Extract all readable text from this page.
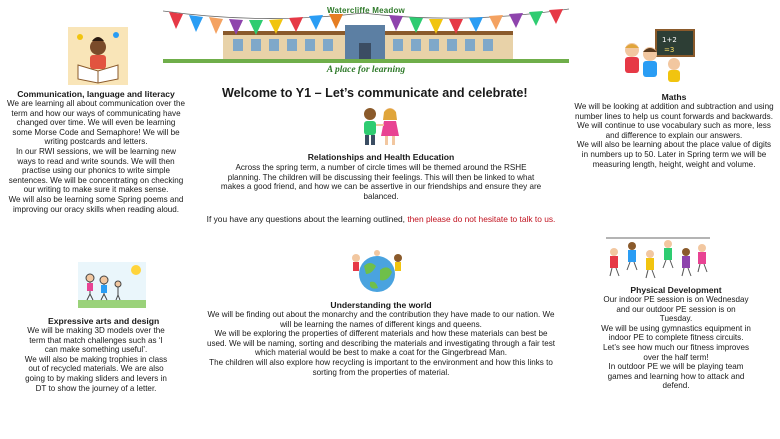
Watercliffe Meadow
A place for learning
Welcome to Y1 – Let’s communicate and celebrate!
Communication, language and literacy

We are learning all about communication over the term and how our ways of communicating have changed over time. We will even be learning some Morse Code and Semaphore! We will be writing postcards and letters.

In our RWI sessions, we will be learning new ways to read and write sounds. We will then practise using our phonics to write simple sentences. We will be concentrating on checking our writing to make sure it makes sense.

We will also be learning some Spring poems and improving our oracy skills when reading aloud.

Relationships and Health Education
Across the spring term, a number of circle times will be themed around the RSHE planning. The children will be discussing their feelings. This will then be linked to what makes a good friend, and how we can be assertive in our friendships and ensure they are balanced.
If you have any questions about the learning outlined, then please do not hesitate to talk to us.
1+2
=3
Maths

We will be looking at addition and subtraction and using number lines to help us count forwards and backwards. We will continue to use vocabulary such as more, less and difference to explain our answers.

We will also be learning about the place value of digits in numbers up to 50. Later in Spring term we will be measuring length, height, weight and volume.

Expressive arts and design

We will be making 3D models over the term that match challenges such as ‘I can make something useful’.

We will also be making trophies in class out of recycled materials. We are also going to by making sliders and levers in DT to show the journey of a letter.

Understanding the world

We will be finding out about the monarchy and the contribution they have made to our nation. We will be learning the names of different kings and queens.

We will be exploring the properties of different materials and how these materials can best be used. We will be naming, sorting and describing the materials and investigating through a fair test which material would be best to make a coat for the Gingerbread Man.

The children will also explore how recycling is important to the environment and how this links to sorting from the properties of material.

Physical Development

Our indoor PE session is on Wednesday and our outdoor PE session is on Tuesday.

We will be using gymnastics equipment in indoor PE to complete fitness circuits. Let’s see how much our fitness improves over the half term!

In outdoor PE we will be playing team games and learning how to attack and defend.
